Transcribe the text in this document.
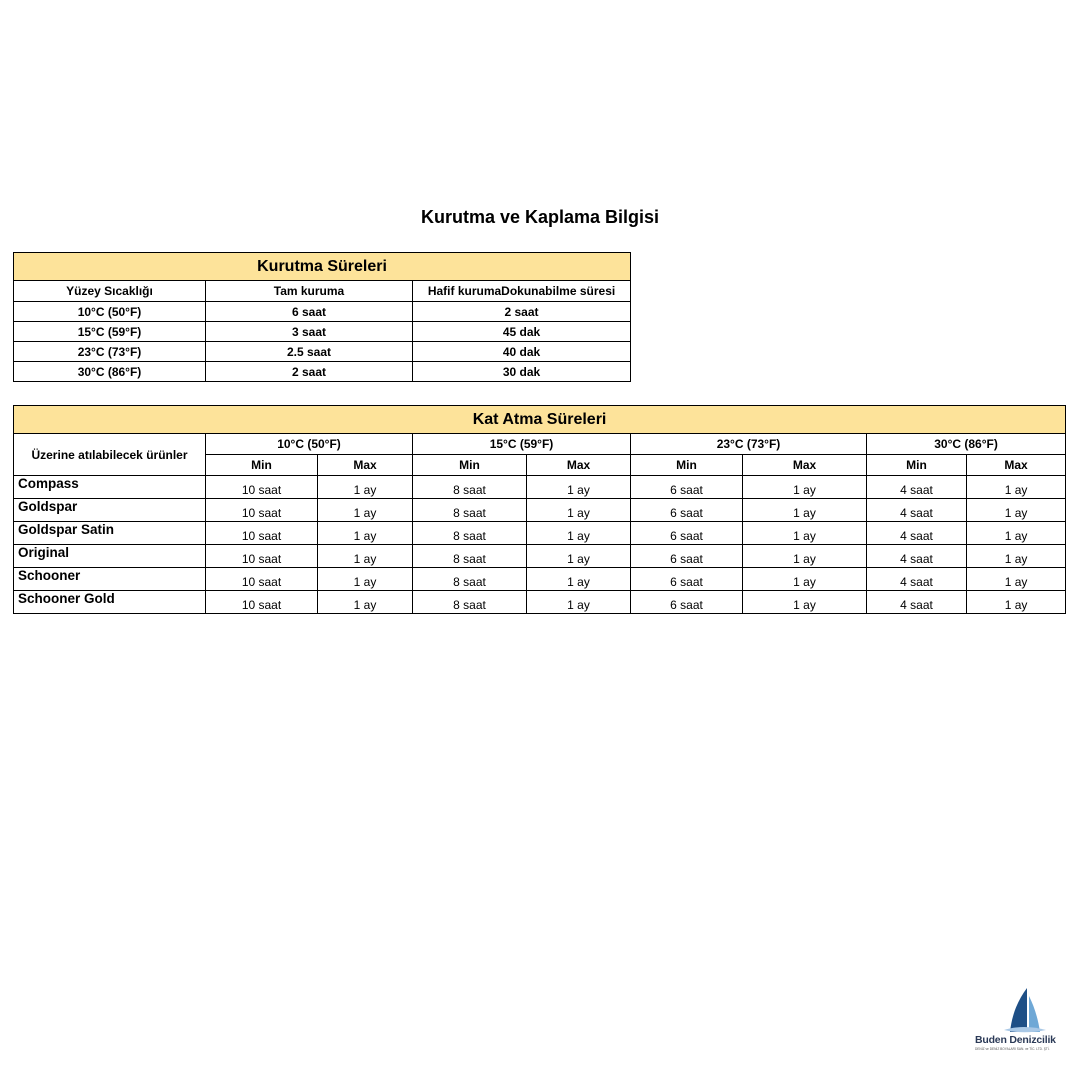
Kurutma ve Kaplama Bilgisi
Kurutma Süreleri		
Yüzey Sıcaklığı	Tam kuruma	Hafif kurumaDokunabilme süresi
10°C (50°F)	6 saat	2 saat
15°C (59°F)	3 saat	45 dak
23°C (73°F)	2.5 saat	40 dak
30°C (86°F)	2 saat	30 dak
Kat Atma Süreleri								
Üzerine atılabilecek ürünler	10°C (50°F)		15°C (59°F)		23°C (73°F)		30°C (86°F)	
	Min	Max	Min	Max	Min	Max	Min	Max
Compass	10 saat	1 ay	8 saat	1 ay	6 saat	1 ay	4 saat	1 ay
Goldspar	10 saat	1 ay	8 saat	1 ay	6 saat	1 ay	4 saat	1 ay
Goldspar Satin	10 saat	1 ay	8 saat	1 ay	6 saat	1 ay	4 saat	1 ay
Original	10 saat	1 ay	8 saat	1 ay	6 saat	1 ay	4 saat	1 ay
Schooner	10 saat	1 ay	8 saat	1 ay	6 saat	1 ay	4 saat	1 ay
Schooner Gold	10 saat	1 ay	8 saat	1 ay	6 saat	1 ay	4 saat	1 ay
Buden Denizcilik
DENİZ ve DENİZ BOYALARI SAN. ve TİC. LTD. ŞTİ.
